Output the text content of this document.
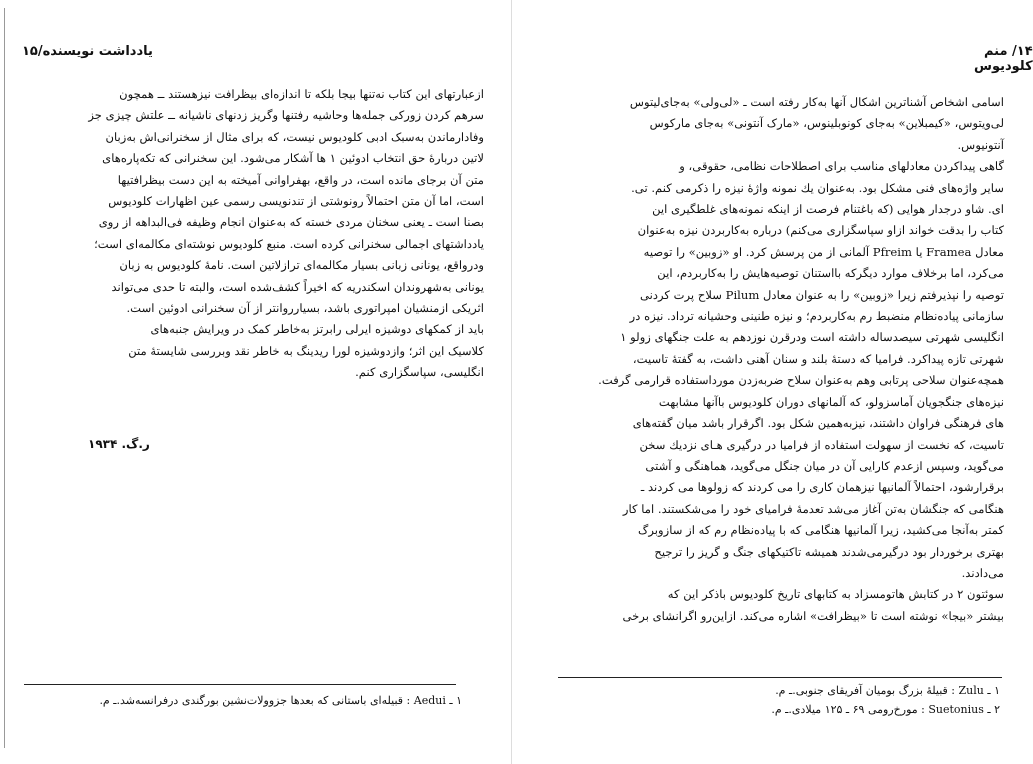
یادداشت نویسنده/۱۵

ازعبارتهای این کتاب نه‌تنها بیجا بلکه تا اندازه‌ای بیظرافت نیزهستند ــ همچون

سرهم کردن زورکی جمله‌ها وحاشیه رفتنها وگریز زدنهای ناشیانه ــ علتش چیزی جز

وفادارماندن به‌سبک ادبی کلودیوس نیست، که برای مثال از سخنرانی‌اش به‌زبان

لاتین دربارهٔ حق انتخاب ادوئین ۱ ها آشکار می‌شود. این سخنرانی که تکه‌پاره‌های

متن آن برجای مانده است، در واقع، بهفراوانی آمیخته به این دست بیظرافتیها

است، اما آن متن احتمالاً رونوشتی از تندنویسی رسمی عین اظهارات کلودیوس

بصنا است ـ یعنی سخنان مردی خسته که به‌عنوان انجام وظیفه فی‌البداهه از روی

یادداشتهای اجمالی سخنرانی کرده است. منبع کلودیوس نوشته‌ای مکالمه‌ای است؛

ودرواقع، یونانی زبانی بسیار مکالمه‌ای ترازلاتین است. نامهٔ کلودیوس به زبان

یونانی به‌شهروندان اسکندریه که اخیراً کشف‌شده است، والبته تا حدی می‌تواند

اثریکی ازمنشیان امپراتوری باشد، بسیارروانتر از آن سخنرانی ادوئین است.

باید از کمکهای دوشیزه ایرلی رابرتز به‌خاطر کمک در ویرایش جنبه‌های

کلاسیک این اثر؛ وازدوشیزه لورا ریدینگ به خاطر نقد وبررسی شایستهٔ متن

انگلیسی، سپاسگزاری کنم.

ر.گ. ۱۹۳۴

۱ ـ Aedui : قبیله‌ای باستانی که بعدها جزوولات‌نشین بورگندی درفرانسه‌شد.ـ م.

۱۴/ منم کلودیوس

اسامی اشخاص آشناترین اشکال آنها به‌کار رفته است ـ «لی‌ولی» به‌جای‌لیتوس

لی‌ویتوس، «کیمبلاین» به‌جای کونوبلینوس، «مارک آنتونی» به‌جای مارکوس

آنتونیوس.

گاهی پیداکردن معادلهای مناسب برای اصطلاحات نظامی، حقوقی، و

سایر واژه‌های فنی مشکل بود. به‌عنوان یك نمونه واژهٔ نیزه را ذکرمی کنم. تی.

ای. شاو درجدار هوایی (که باغتنام فرصت از اینکه نمونه‌های غلطگیری این

کتاب را بدقت خواند ازاو سپاسگزاری می‌کنم) درباره به‌کاربردن نیزه به‌عنوان

معادل Framea یا Pfreim آلمانی از من پرسش کرد. او «زوبین» را توصیه

می‌کرد، اما برخلاف موارد دیگرکه بااستنان توصیه‌هایش را به‌کاربردم، این

توصیه را نپذیرفتم زیرا «زوبین» را به عنوان معادل Pilum سلاح پرت کردنی

سازمانی پیاده‌نظام منضبط رم به‌کاربردم؛ و نیزه طنینی وحشیانه ترداد. نیزه در

انگلیسی شهرتی سیصدساله داشته است ودرقرن نوزدهم به علت جنگهای زولو ۱

شهرتی تازه پیداکرد. فرامیا که دستهٔ بلند و سنان آهنی داشت، به گفتهٔ تاسیت،

همچه‌عنوان سلاحی پرتابی وهم به‌عنوان سلاح ضربه‌زدن مورداستفاده قرارمی گرفت.

نیزه‌های جنگجویان آماسزولو، که آلمانهای دوران کلودیوس باآنها مشابهت

های فرهنگی فراوان داشتند، نیزبه‌همین شکل بود. اگرقرار باشد میان گفته‌های

تاسیت، که نخست از سهولت استفاده از فرامیا در درگیری هـای نزدیك سخن

می‌گوید، وسپس ازعدم کارایی آن در میان جنگل می‌گوید، هماهنگی و آشتی

برقرارشود، احتمالاً آلمانیها نیزهمان کاری را می کردند که زولوها می کردند ـ

هنگامی که جنگشان به‌تن آغاز می‌شد تعدمهٔ فرامیای خود را می‌شکستند. اما کار

کمتر به‌آنجا می‌کشید، زیرا آلمانیها هنگامی که با پیاده‌نظام رم که از سازوبرگ

بهتری برخوردار بود درگیرمی‌شدند همیشه تاکتیکهای جنگ و گریز را ترجیح

می‌دادند.

سوئتون ۲ در کتابش هاتومسزاد به کتابهای تاریخ کلودیوس باذکر این که

بیشتر «بیجا» نوشته است تا «بیظرافت» اشاره می‌کند. ازاین‌رو اگرانشای برخی

۱ ـ Zulu : قبیلهٔ بزرگ بومیان آفریقای جنوبی.ـ م.

۲ ـ Suetonius : مورخ‌رومی ۶۹ ـ ۱۲۵ میلادی.ـ م.
